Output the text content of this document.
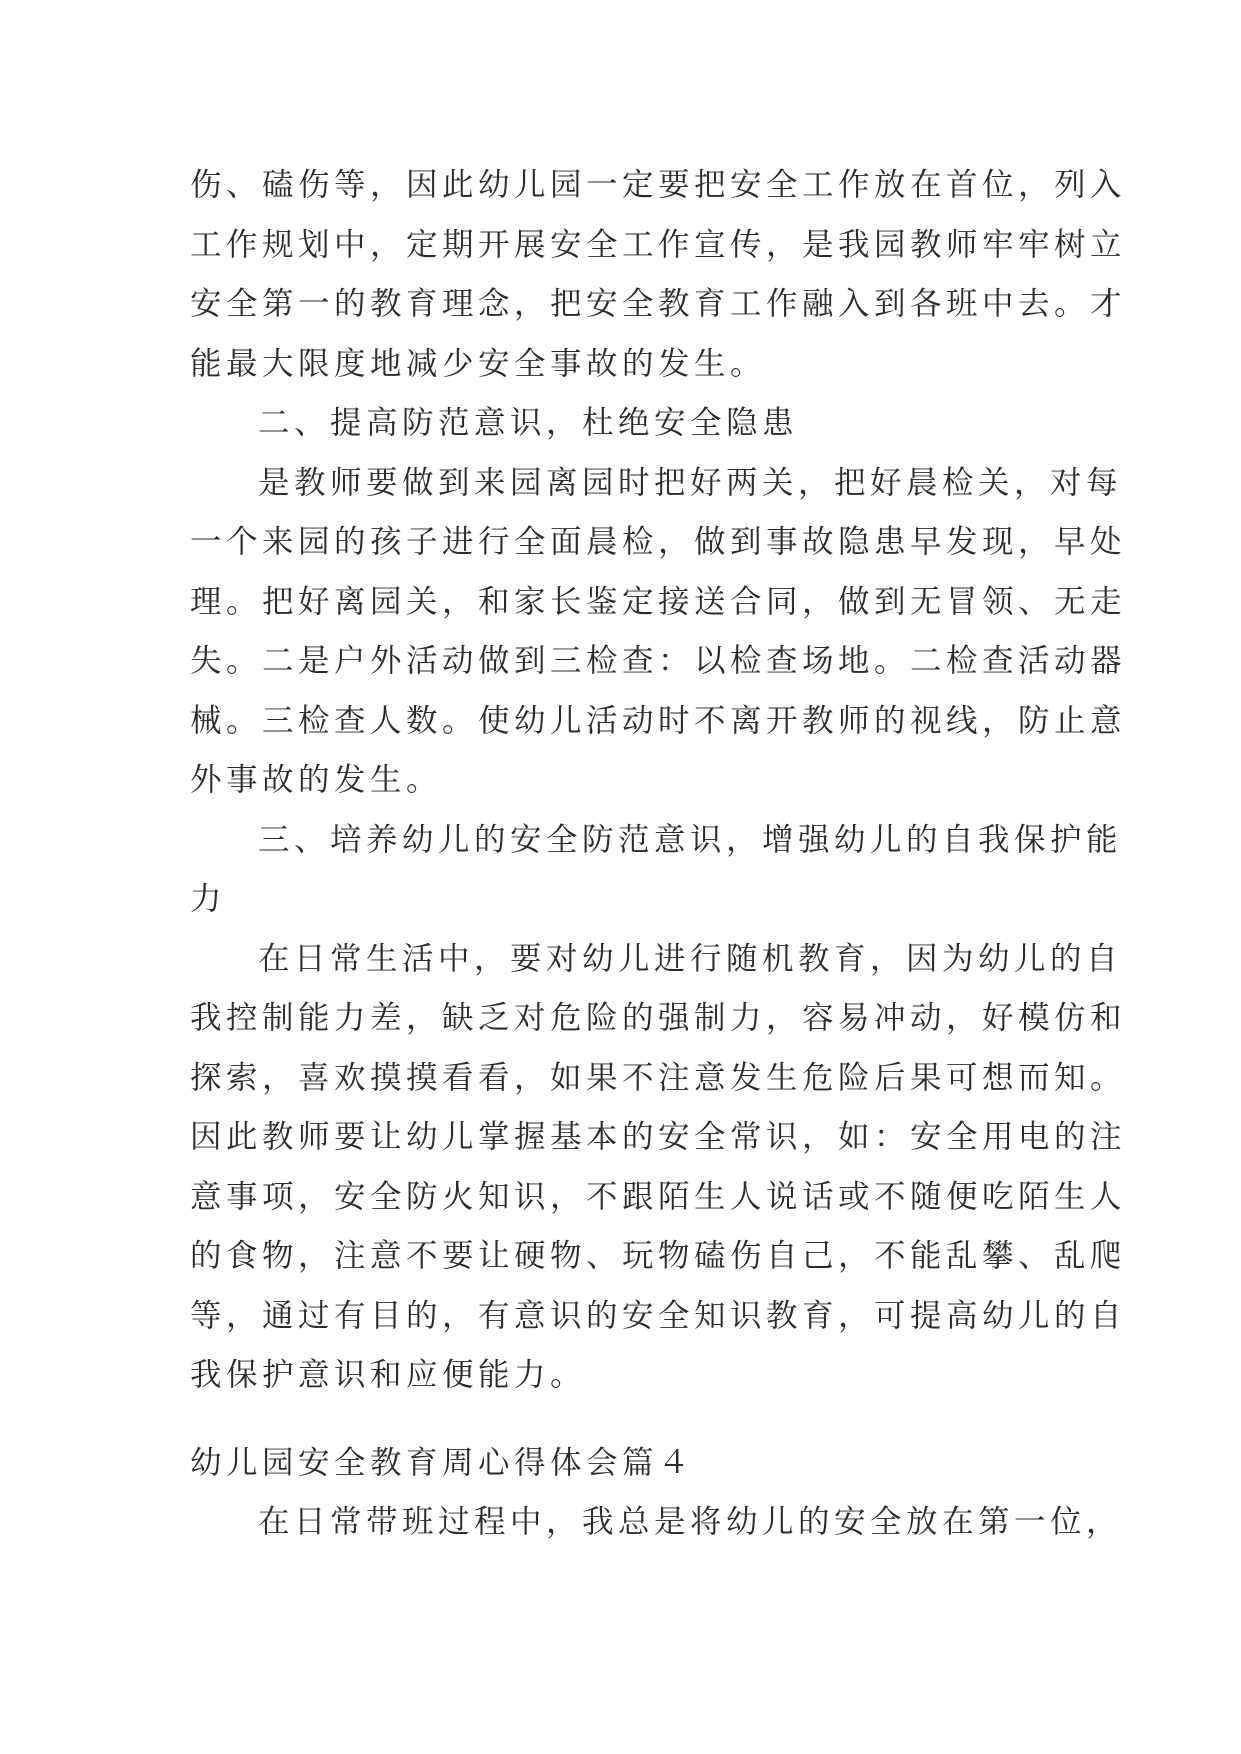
伤、磕伤等，因此幼儿园一定要把安全工作放在首位，列入
工作规划中，定期开展安全工作宣传，是我园教师牢牢树立
安全第一的教育理念，把安全教育工作融入到各班中去。才
能最大限度地减少安全事故的发生。
二、提高防范意识，杜绝安全隐患
是教师要做到来园离园时把好两关，把好晨检关，对每
一个来园的孩子进行全面晨检，做到事故隐患早发现，早处
理。把好离园关，和家长鉴定接送合同，做到无冒领、无走
失。二是户外活动做到三检查：以检查场地。二检查活动器
械。三检查人数。使幼儿活动时不离开教师的视线，防止意
外事故的发生。
三、培养幼儿的安全防范意识，增强幼儿的自我保护能
力
在日常生活中，要对幼儿进行随机教育，因为幼儿的自
我控制能力差，缺乏对危险的强制力，容易冲动，好模仿和
探索，喜欢摸摸看看，如果不注意发生危险后果可想而知。
因此教师要让幼儿掌握基本的安全常识，如：安全用电的注
意事项，安全防火知识，不跟陌生人说话或不随便吃陌生人
的食物，注意不要让硬物、玩物磕伤自己，不能乱攀、乱爬
等，通过有目的，有意识的安全知识教育，可提高幼儿的自
我保护意识和应便能力。
幼儿园安全教育周心得体会篇４
在日常带班过程中，我总是将幼儿的安全放在第一位，
